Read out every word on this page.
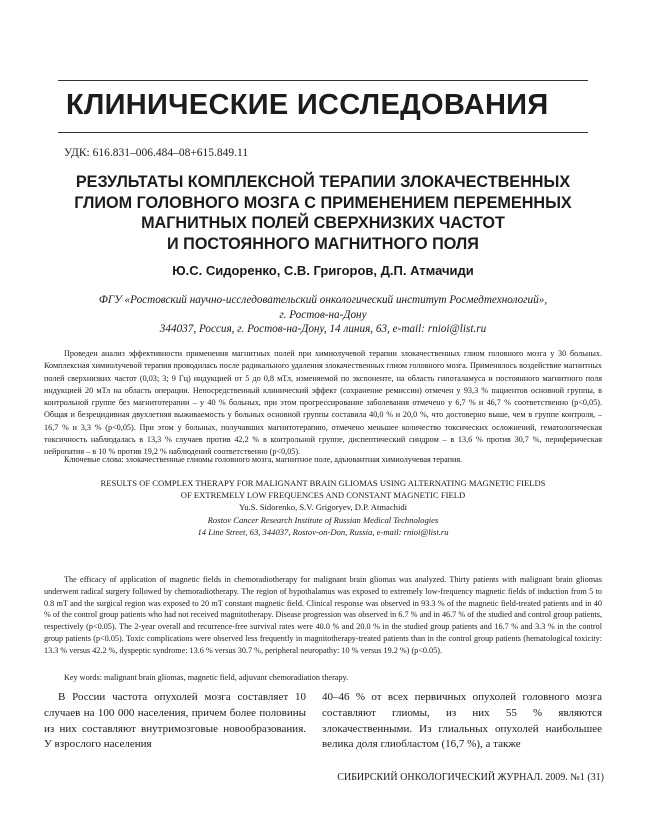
КЛИНИЧЕСКИЕ ИССЛЕДОВАНИЯ
УДК: 616.831–006.484–08+615.849.11
РЕЗУЛЬТАТЫ КОМПЛЕКСНОЙ ТЕРАПИИ ЗЛОКАЧЕСТВЕННЫХ
ГЛИОМ ГОЛОВНОГО МОЗГА С ПРИМЕНЕНИЕМ ПЕРЕМЕННЫХ
МАГНИТНЫХ ПОЛЕЙ СВЕРХНИЗКИХ ЧАСТОТ
И ПОСТОЯННОГО МАГНИТНОГО ПОЛЯ
Ю.С. Сидоренко, С.В. Григоров, Д.П. Атмачиди
ФГУ «Ростовский научно-исследовательский онкологический институт Росмедтехнологий»,
г. Ростов-на-Дону
344037, Россия, г. Ростов-на-Дону, 14 линия, 63, e-mail: rnioi@list.ru

Проведен анализ эффективности применения магнитных полей при химиолучевой терапии злокачественных глиом головного мозга у 30 больных. Комплексная химиолучевой терапия проводилась после радикального удаления злокачественных глиом головного мозга. Применялось воздействие магнитных полей сверхнизких частот (0,03; 3; 9 Гц) индукцией от 5 до 0,8 мТл, изменяемой по экспоненте, на область гипоталамуса и постоянного магнитного поля индукцией 20 мТл на область операции. Непосредственный клинический эффект (сохранение ремиссии) отмечен у 93,3 % пациентов основной группы, в контрольной группе без магнитотерапии – у 40 % больных, при этом прогрессирование заболевания отмечено у 6,7 % и 46,7 % соответственно (р<0,05). Общая и безрецидивная двухлетняя выживаемость у больных основной группы составила 40,0 % и 20,0 %, что достоверно выше, чем в группе контроля, – 16,7 % и 3,3 % (р<0,05). При этом у больных, получавших магнитотерапию, отмечено меньшее количество токсических осложнений, гематологическая токсичность наблюдалась в 13,3 % случаев против 42,2 % в контрольной группе, диспептический синдром – в 13,6 % против 30,7 %, периферическая нейропатия – в 10 % против 19,2 % наблюдений соответственно (р<0,05).

Ключевые слова: злокачественные глиомы головного мозга, магнитное поле, адъювантная химиолучевая терапия.
RESULTS OF COMPLEX THERAPY FOR MALIGNANT BRAIN GLIOMAS USING ALTERNATING MAGNETIC FIELDS
OF EXTREMELY LOW FREQUENCES AND CONSTANT MAGNETIC FIELD
Yu.S. Sidorenko, S.V. Grigoryev, D.P. Atmachidi
Rostov Cancer Research Institute of Russian Medical Technologies
14 Line Street, 63, 344037, Rostov-on-Don, Russia, e-mail: rnioi@list.ru

The efficacy of application of magnetic fields in chemoradiotherapy for malignant brain gliomas was analyzed. Thirty patients with malignant brain gliomas underwent radical surgery followed by chemoradiotherapy. The region of hypothalamus was exposed to extremely low-frequency magnetic fields of induction from 5 to 0.8 mT and the surgical region was exposed to 20 mT constant magnetic field. Clinical response was observed in 93.3 % of the magnetic field-treated patients and in 40 % of the control group patients who had not received magnitotherapy. Disease progression was observed in 6.7 % and in 46.7 % of the studied and control group patients, respectively (p<0.05). The 2-year overall and recurrence-free survival rates were 40.0 % and 20.0 % in the studied group patients and 16.7 % and 3.3 % in the control group patients (p<0.05). Toxic complications were observed less frequently in magnitotherapy-treated patients than in the control group patients (hematological toxicity: 13.3 % versus 42.2 %, dyspeptic syndrome: 13.6 % versus 30.7 %, peripheral neuropathy: 10 % versus 19.2 %) (p<0.05).

Key words: malignant brain gliomas, magnetic field, adjuvant chemoradiation therapy.

В России частота опухолей мозга составляет 10 случаев на 100 000 населения, причем более половины из них составляют внутримозговые новообразования. У взрослого населения

40–46 % от всех первичных опухолей головного мозга составляют глиомы, из них 55 % являются злокачественными. Из глиальных опухолей наибольшее велика доля глиобластом (16,7 %), а также

СИБИРСКИЙ ОНКОЛОГИЧЕСКИЙ ЖУРНАЛ. 2009. №1 (31)
